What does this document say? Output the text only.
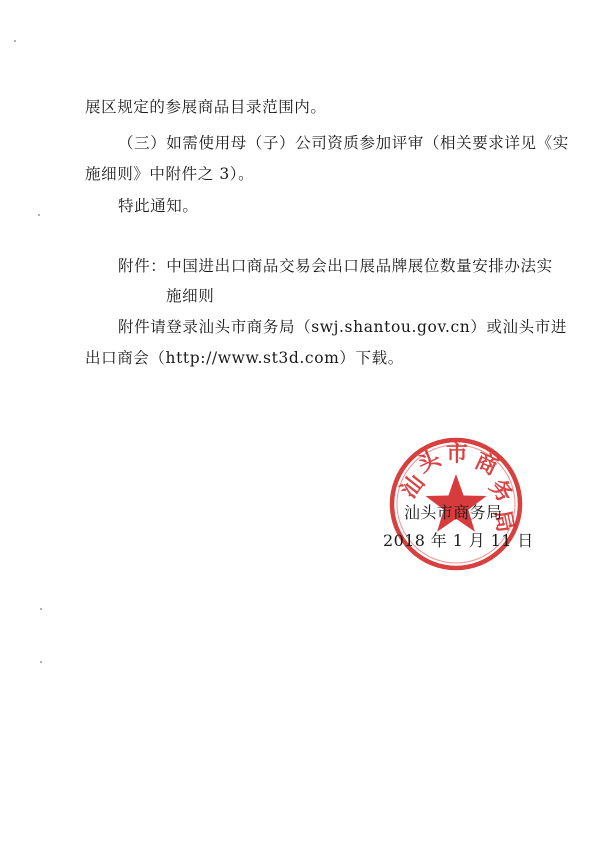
展区规定的参展商品目录范围内。
（三）如需使用母（子）公司资质参加评审（相关要求详见《实
施细则》中附件之 3）。
特此通知。
附件：中国进出口商品交易会出口展品牌展位数量安排办法实
施细则
附件请登录汕头市商务局（swj.shantou.gov.cn）或汕头市进
出口商会（http://www.st3d.com）下载。
汕
头 市 商
务
局
汕头市商务局
2018 年 1 月 11 日
